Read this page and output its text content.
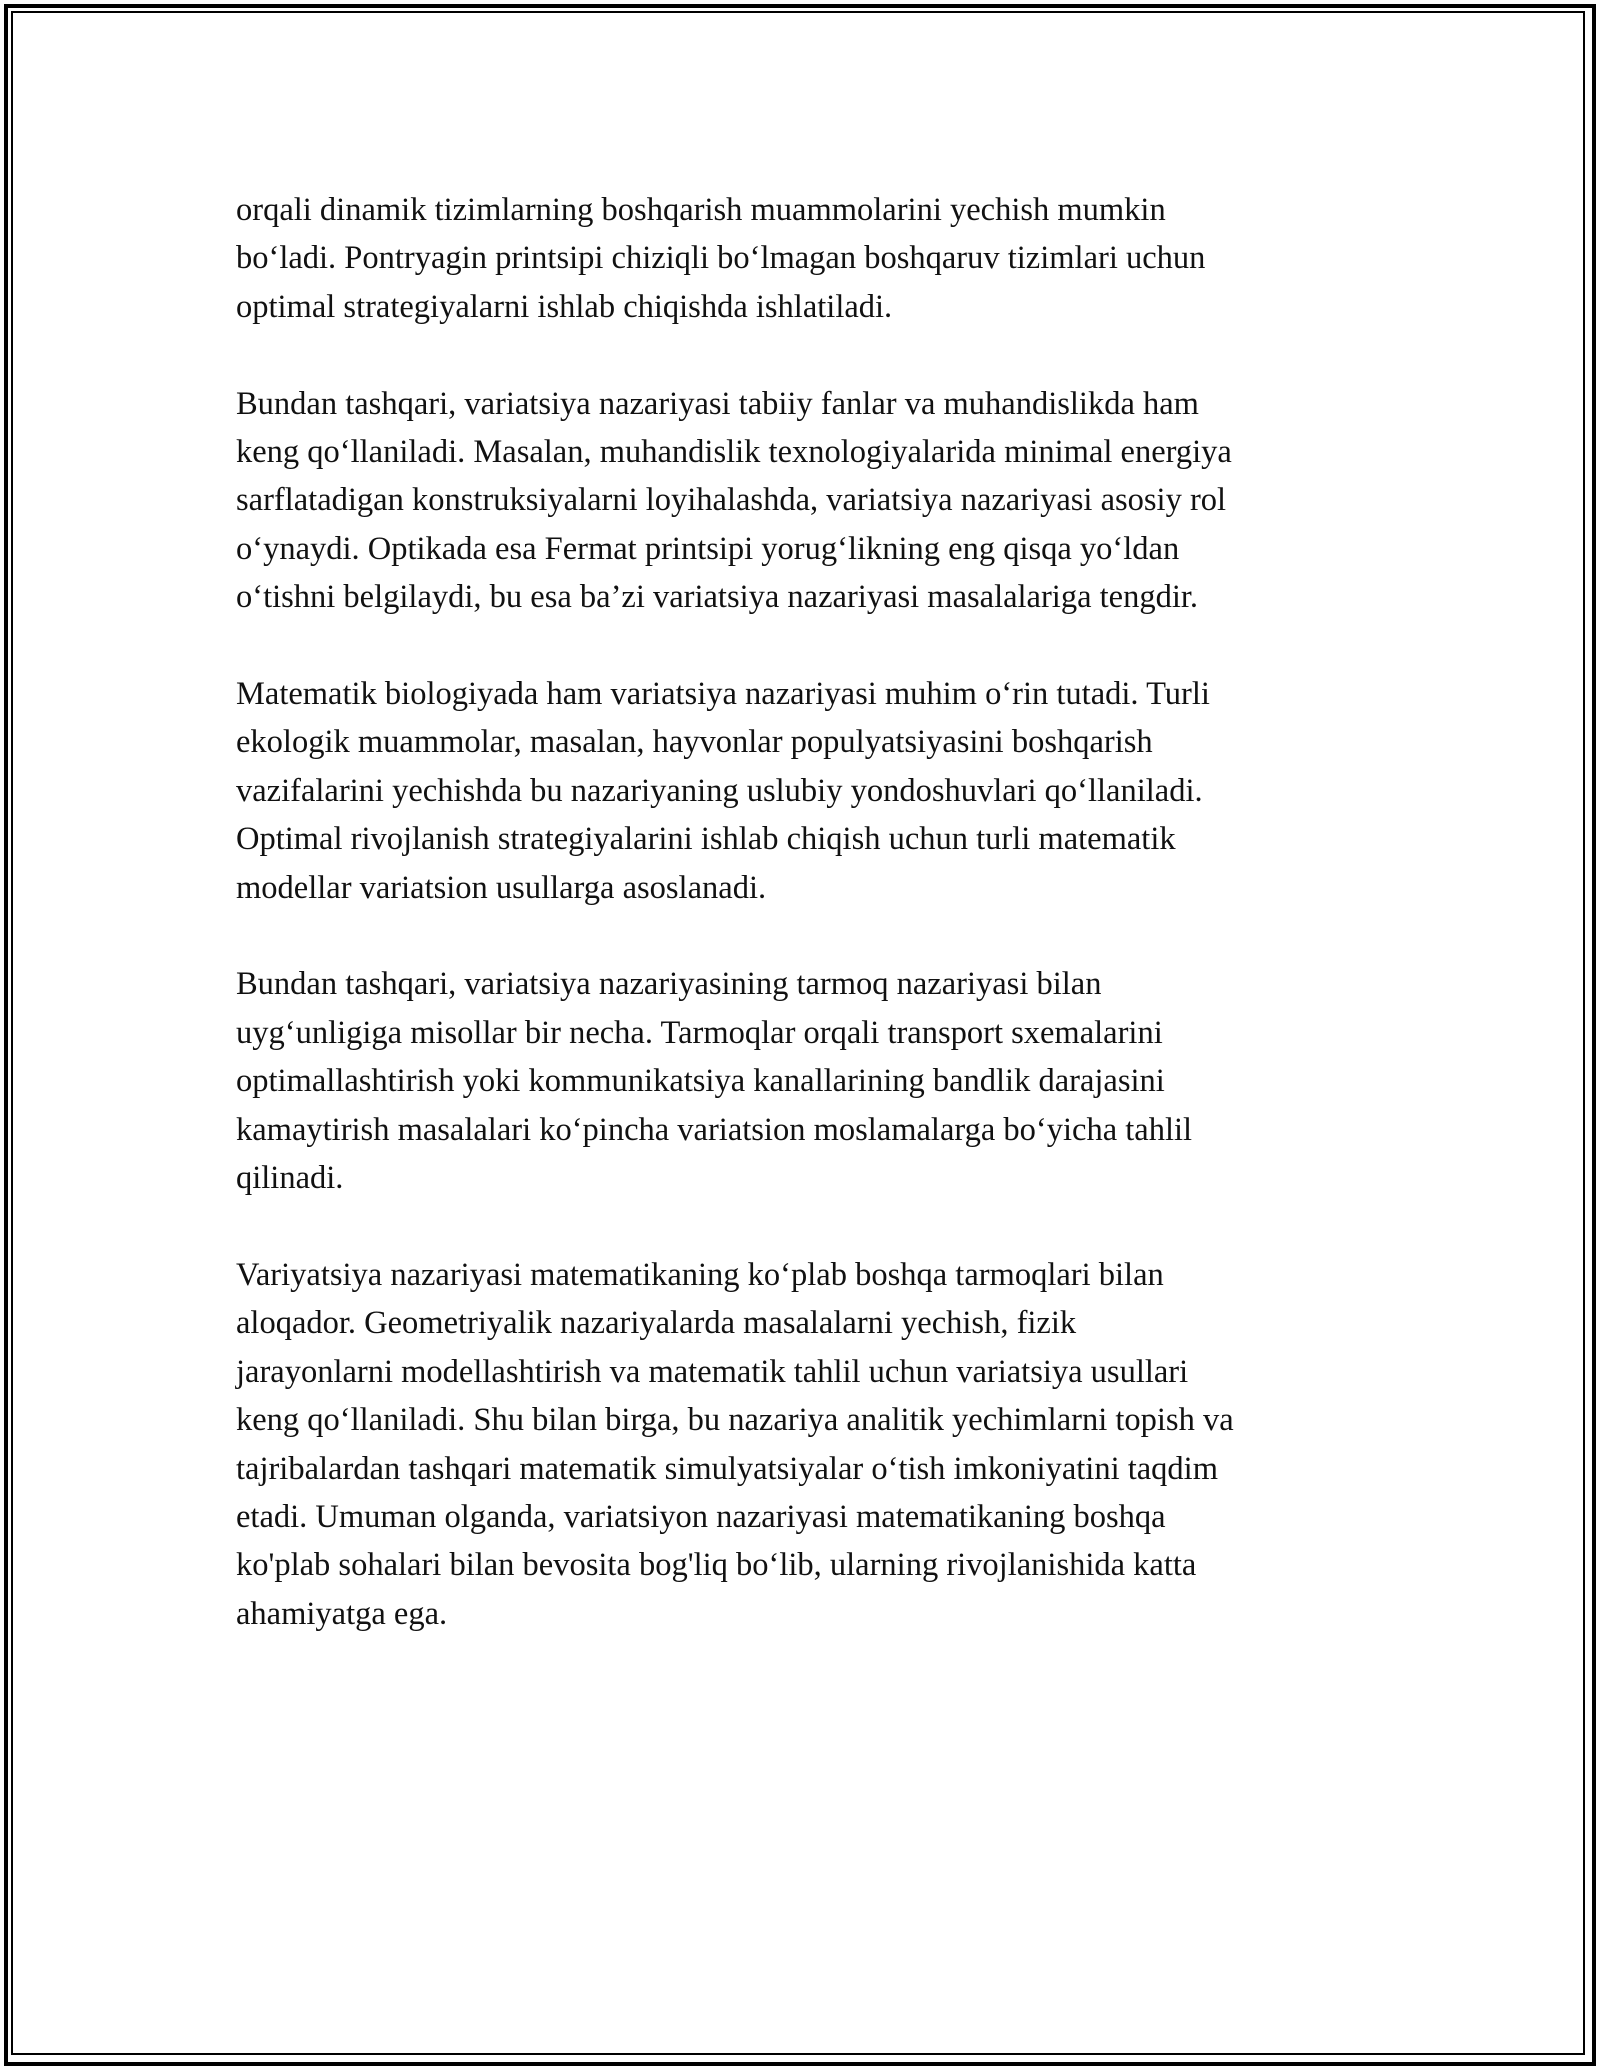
orqali dinamik tizimlarning boshqarish muammolarini yechish mumkin
bo‘ladi. Pontryagin printsipi chiziqli bo‘lmagan boshqaruv tizimlari uchun
optimal strategiyalarni ishlab chiqishda ishlatiladi.

Bundan tashqari, variatsiya nazariyasi tabiiy fanlar va muhandislikda ham
keng qo‘llaniladi. Masalan, muhandislik texnologiyalarida minimal energiya
sarflatadigan konstruksiyalarni loyihalashda, variatsiya nazariyasi asosiy rol
o‘ynaydi. Optikada esa Fermat printsipi yorug‘likning eng qisqa yo‘ldan
o‘tishni belgilaydi, bu esa ba’zi variatsiya nazariyasi masalalariga tengdir.

Matematik biologiyada ham variatsiya nazariyasi muhim o‘rin tutadi. Turli
ekologik muammolar, masalan, hayvonlar populyatsiyasini boshqarish
vazifalarini yechishda bu nazariyaning uslubiy yondoshuvlari qo‘llaniladi.
Optimal rivojlanish strategiyalarini ishlab chiqish uchun turli matematik
modellar variatsion usullarga asoslanadi.

Bundan tashqari, variatsiya nazariyasining tarmoq nazariyasi bilan
uyg‘unligiga misollar bir necha. Tarmoqlar orqali transport sxemalarini
optimallashtirish yoki kommunikatsiya kanallarining bandlik darajasini
kamaytirish masalalari ko‘pincha variatsion moslamalarga bo‘yicha tahlil
qilinadi.

Variyatsiya nazariyasi matematikaning ko‘plab boshqa tarmoqlari bilan
aloqador. Geometriyalik nazariyalarda masalalarni yechish, fizik
jarayonlarni modellashtirish va matematik tahlil uchun variatsiya usullari
keng qo‘llaniladi. Shu bilan birga, bu nazariya analitik yechimlarni topish va
tajribalardan tashqari matematik simulyatsiyalar o‘tish imkoniyatini taqdim
etadi. Umuman olganda, variatsiyon nazariyasi matematikaning boshqa
ko'plab sohalari bilan bevosita bog'liq bo‘lib, ularning rivojlanishida katta
ahamiyatga ega.
